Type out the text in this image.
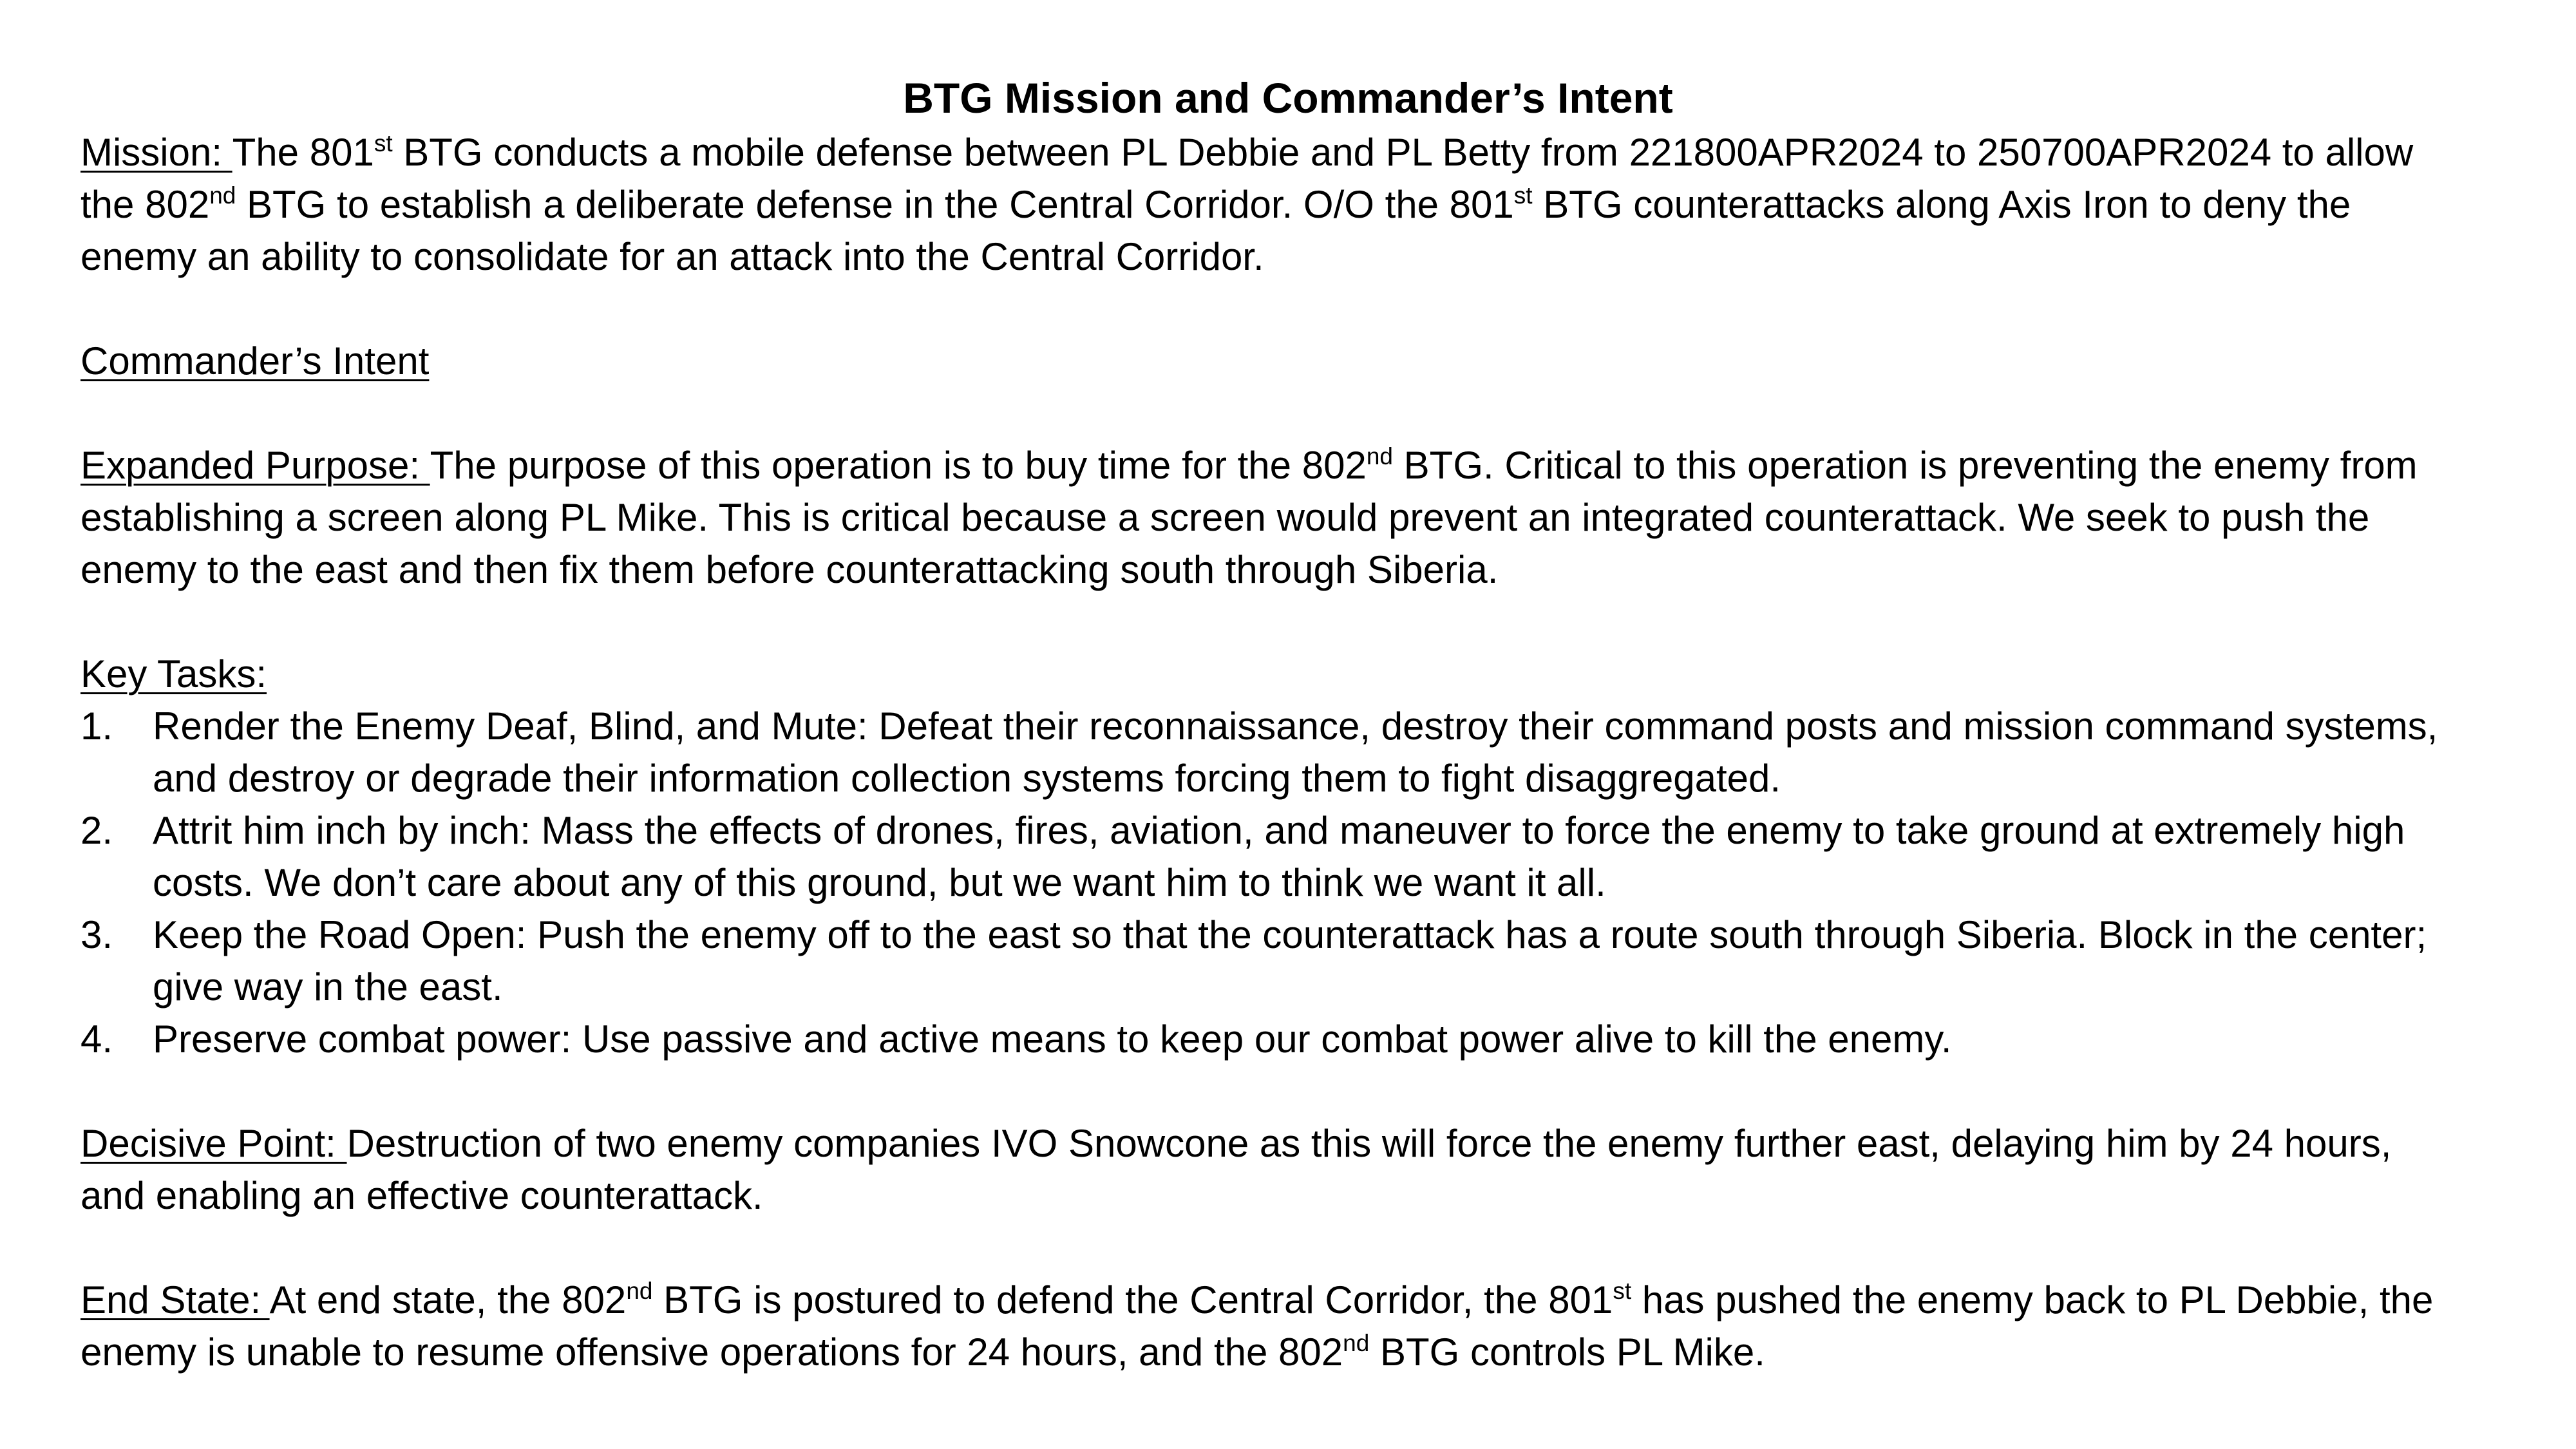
BTG Mission and Commander’s Intent

Mission: The 801st BTG conducts a mobile defense between PL Debbie and PL Betty from 221800APR2024 to 250700APR2024 to allow the 802nd BTG to establish a deliberate defense in the Central Corridor. O/O the 801st BTG counterattacks along Axis Iron to deny the enemy an ability to consolidate for an attack into the Central Corridor.

Commander’s Intent

Expanded Purpose: The purpose of this operation is to buy time for the 802nd BTG. Critical to this operation is preventing the enemy from establishing a screen along PL Mike. This is critical because a screen would prevent an integrated counterattack. We seek to push the enemy to the east and then fix them before counterattacking south through Siberia.

Key Tasks:

1. Render the Enemy Deaf, Blind, and Mute: Defeat their reconnaissance, destroy their command posts and mission command systems, and destroy or degrade their information collection systems forcing them to fight disaggregated.
2. Attrit him inch by inch: Mass the effects of drones, fires, aviation, and maneuver to force the enemy to take ground at extremely high costs. We don’t care about any of this ground, but we want him to think we want it all.
3. Keep the Road Open: Push the enemy off to the east so that the counterattack has a route south through Siberia. Block in the center; give way in the east.
4. Preserve combat power: Use passive and active means to keep our combat power alive to kill the enemy.

Decisive Point: Destruction of two enemy companies IVO Snowcone as this will force the enemy further east, delaying him by 24 hours, and enabling an effective counterattack.

End State: At end state, the 802nd BTG is postured to defend the Central Corridor, the 801st has pushed the enemy back to PL Debbie, the enemy is unable to resume offensive operations for 24 hours, and the 802nd BTG controls PL Mike.
